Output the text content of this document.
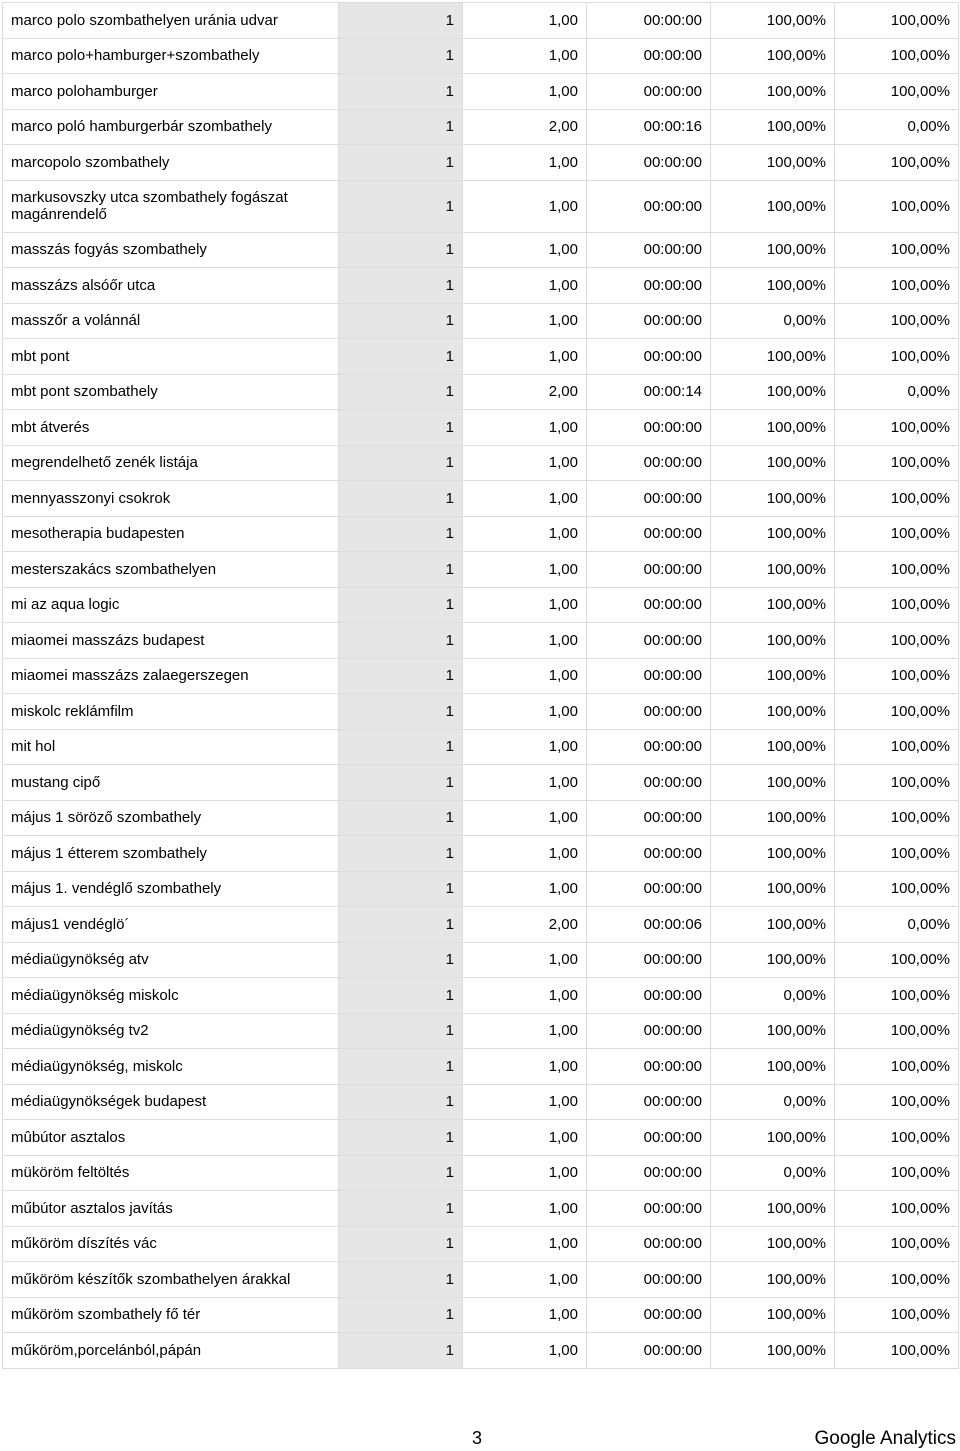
marco polo szombathelyen uránia udvar	1	1,00	00:00:00	100,00%	100,00%
marco polo+hamburger+szombathely	1	1,00	00:00:00	100,00%	100,00%
marco polohamburger	1	1,00	00:00:00	100,00%	100,00%
marco poló hamburgerbár szombathely	1	2,00	00:00:16	100,00%	0,00%
marcopolo szombathely	1	1,00	00:00:00	100,00%	100,00%
markusovszky utca szombathely fogászat magánrendelő	1	1,00	00:00:00	100,00%	100,00%
masszás fogyás szombathely	1	1,00	00:00:00	100,00%	100,00%
masszázs alsóőr utca	1	1,00	00:00:00	100,00%	100,00%
masszőr a volánnál	1	1,00	00:00:00	0,00%	100,00%
mbt pont	1	1,00	00:00:00	100,00%	100,00%
mbt pont szombathely	1	2,00	00:00:14	100,00%	0,00%
mbt átverés	1	1,00	00:00:00	100,00%	100,00%
megrendelhető zenék listája	1	1,00	00:00:00	100,00%	100,00%
mennyasszonyi csokrok	1	1,00	00:00:00	100,00%	100,00%
mesotherapia budapesten	1	1,00	00:00:00	100,00%	100,00%
mesterszakács szombathelyen	1	1,00	00:00:00	100,00%	100,00%
mi az aqua logic	1	1,00	00:00:00	100,00%	100,00%
miaomei masszázs budapest	1	1,00	00:00:00	100,00%	100,00%
miaomei masszázs zalaegerszegen	1	1,00	00:00:00	100,00%	100,00%
miskolc reklámfilm	1	1,00	00:00:00	100,00%	100,00%
mit hol	1	1,00	00:00:00	100,00%	100,00%
mustang cipő	1	1,00	00:00:00	100,00%	100,00%
május 1 söröző szombathely	1	1,00	00:00:00	100,00%	100,00%
május 1 étterem szombathely	1	1,00	00:00:00	100,00%	100,00%
május 1. vendéglő szombathely	1	1,00	00:00:00	100,00%	100,00%
május1 vendéglö´	1	2,00	00:00:06	100,00%	0,00%
médiaügynökség atv	1	1,00	00:00:00	100,00%	100,00%
médiaügynökség miskolc	1	1,00	00:00:00	0,00%	100,00%
médiaügynökség tv2	1	1,00	00:00:00	100,00%	100,00%
médiaügynökség, miskolc	1	1,00	00:00:00	100,00%	100,00%
médiaügynökségek budapest	1	1,00	00:00:00	0,00%	100,00%
mûbútor asztalos	1	1,00	00:00:00	100,00%	100,00%
müköröm feltöltés	1	1,00	00:00:00	0,00%	100,00%
műbútor asztalos javítás	1	1,00	00:00:00	100,00%	100,00%
műköröm díszítés vác	1	1,00	00:00:00	100,00%	100,00%
műköröm készítők szombathelyen árakkal	1	1,00	00:00:00	100,00%	100,00%
műköröm szombathely fő tér	1	1,00	00:00:00	100,00%	100,00%
műköröm,porcelánból,pápán	1	1,00	00:00:00	100,00%	100,00%
3	Google Analytics
